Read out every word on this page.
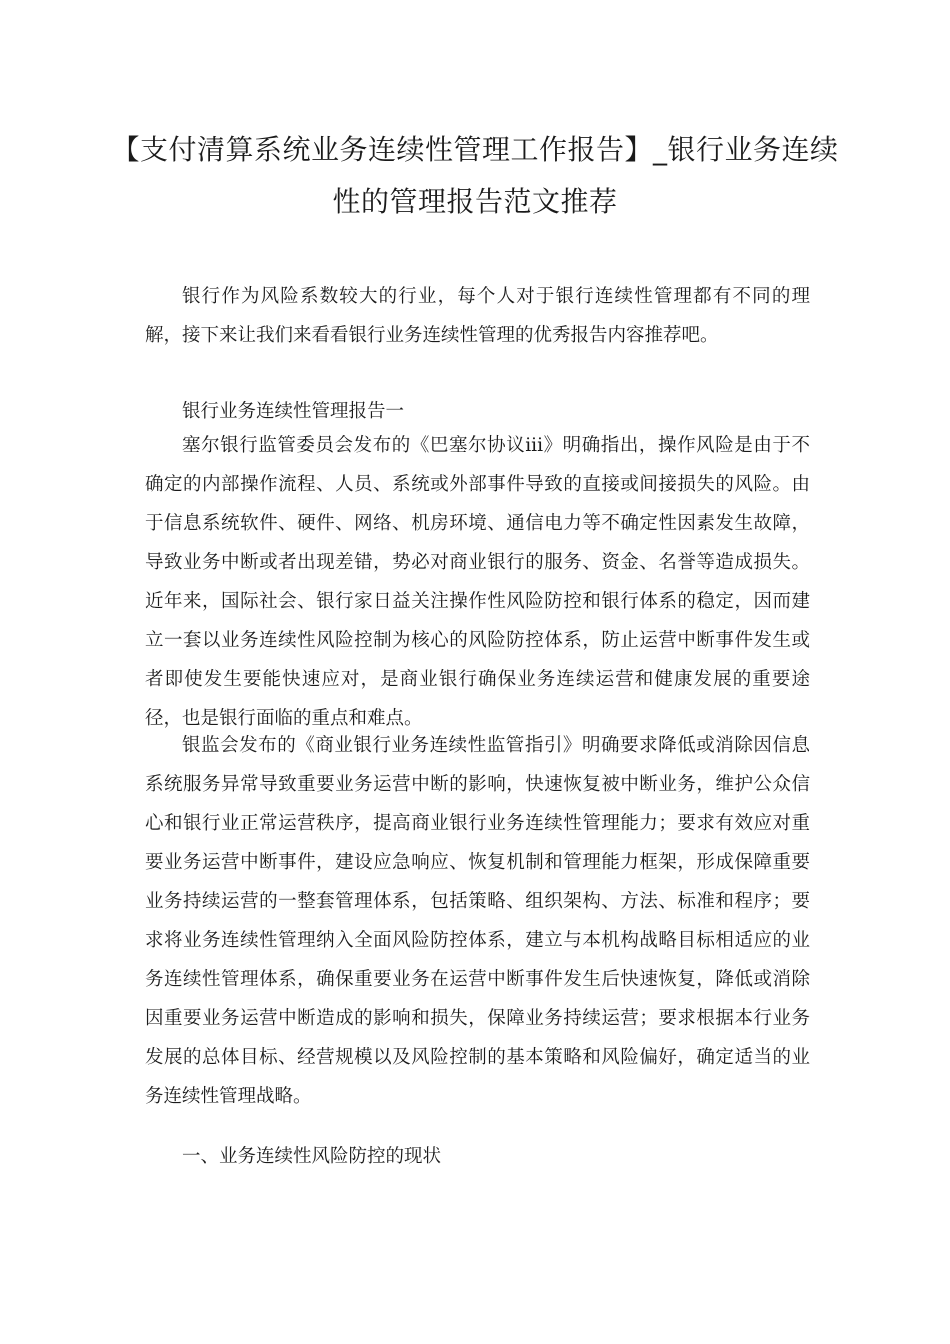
【支付清算系统业务连续性管理工作报告】_银行业务连续性的管理报告范文推荐

银行作为风险系数较大的行业，每个人对于银行连续性管理都有不同的理解，接下来让我们来看看银行业务连续性管理的优秀报告内容推荐吧。

银行业务连续性管理报告一

塞尔银行监管委员会发布的《巴塞尔协议iii》明确指出，操作风险是由于不确定的内部操作流程、人员、系统或外部事件导致的直接或间接损失的风险。由于信息系统软件、硬件、网络、机房环境、通信电力等不确定性因素发生故障，导致业务中断或者出现差错，势必对商业银行的服务、资金、名誉等造成损失。近年来，国际社会、银行家日益关注操作性风险防控和银行体系的稳定，因而建立一套以业务连续性风险控制为核心的风险防控体系，防止运营中断事件发生或者即使发生要能快速应对，是商业银行确保业务连续运营和健康发展的重要途径，也是银行面临的重点和难点。

银监会发布的《商业银行业务连续性监管指引》明确要求降低或消除因信息系统服务异常导致重要业务运营中断的影响，快速恢复被中断业务，维护公众信心和银行业正常运营秩序，提高商业银行业务连续性管理能力；要求有效应对重要业务运营中断事件，建设应急响应、恢复机制和管理能力框架，形成保障重要业务持续运营的一整套管理体系，包括策略、组织架构、方法、标准和程序；要求将业务连续性管理纳入全面风险防控体系，建立与本机构战略目标相适应的业务连续性管理体系，确保重要业务在运营中断事件发生后快速恢复，降低或消除因重要业务运营中断造成的影响和损失，保障业务持续运营；要求根据本行业务发展的总体目标、经营规模以及风险控制的基本策略和风险偏好，确定适当的业务连续性管理战略。

一、业务连续性风险防控的现状
